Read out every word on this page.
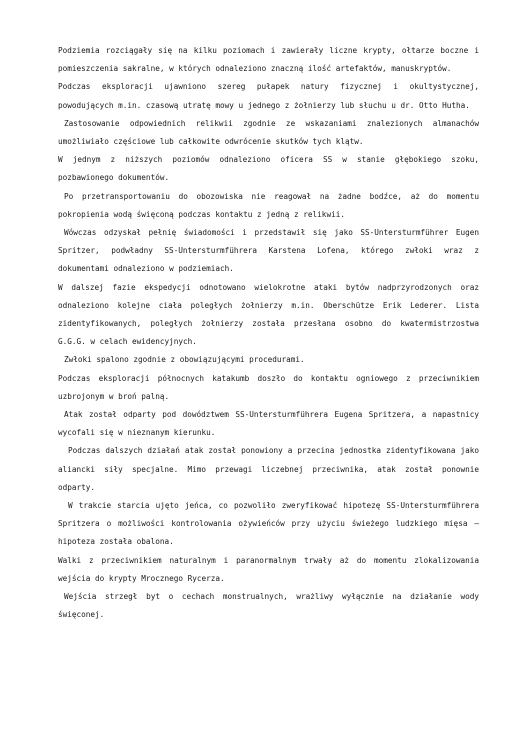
Podziemia rozciągały się na kilku poziomach i zawierały liczne krypty, ołtarze boczne i pomieszczenia sakralne, w których odnaleziono znaczną ilość artefaktów, manuskryptów.

Podczas eksploracji ujawniono szereg pułapek natury fizycznej i okultystycznej, powodujących m.in. czasową utratę mowy u jednego z żołnierzy lub słuchu u dr. Otto Hutha.

Zastosowanie odpowiednich relikwii zgodnie ze wskazaniami znalezionych almanachów umożliwiało częściowe lub całkowite odwrócenie skutków tych klątw.

W jednym z niższych poziomów odnaleziono oficera SS w stanie głębokiego szoku, pozbawionego dokumentów.

Po przetransportowaniu do obozowiska nie reagował na żadne bodźce, aż do momentu pokropienia wodą święconą podczas kontaktu z jedną z relikwii.

Wówczas odzyskał pełnię świadomości i przedstawił się jako SS-Untersturmführer Eugen Spritzer, podwładny SS-Untersturmführera Karstena Lofena, którego zwłoki wraz z dokumentami odnaleziono w podziemiach.

W dalszej fazie ekspedycji odnotowano wielokrotne ataki bytów nadprzyrodzonych oraz odnaleziono kolejne ciała poległych żołnierzy m.in. Oberschütze Erik Lederer. Lista zidentyfikowanych, poległych żołnierzy została przesłana osobno do kwatermistrzostwa G.G.G. w celach ewidencyjnych.

Zwłoki spalono zgodnie z obowiązującymi procedurami.

Podczas eksploracji północnych katakumb doszło do kontaktu ogniowego z przeciwnikiem uzbrojonym w broń palną.

Atak został odparty pod dowództwem SS-Untersturmführera Eugena Spritzera, a napastnicy wycofali się w nieznanym kierunku.

Podczas dalszych działań atak został ponowiony a przecina jednostka zidentyfikowana jako aliancki siły specjalne. Mimo przewagi liczebnej przeciwnika, atak został ponownie odparty.

W trakcie starcia ujęto jeńca, co pozwoliło zweryfikować hipotezę SS-Untersturmführera Spritzera o możliwości kontrolowania ożywieńców przy użyciu świeżego ludzkiego mięsa – hipoteza została obalona.

Walki z przeciwnikiem naturalnym i paranormalnym trwały aż do momentu zlokalizowania wejścia do krypty Mrocznego Rycerza.

Wejścia strzegł byt o cechach monstrualnych, wrażliwy wyłącznie na działanie wody święconej.
